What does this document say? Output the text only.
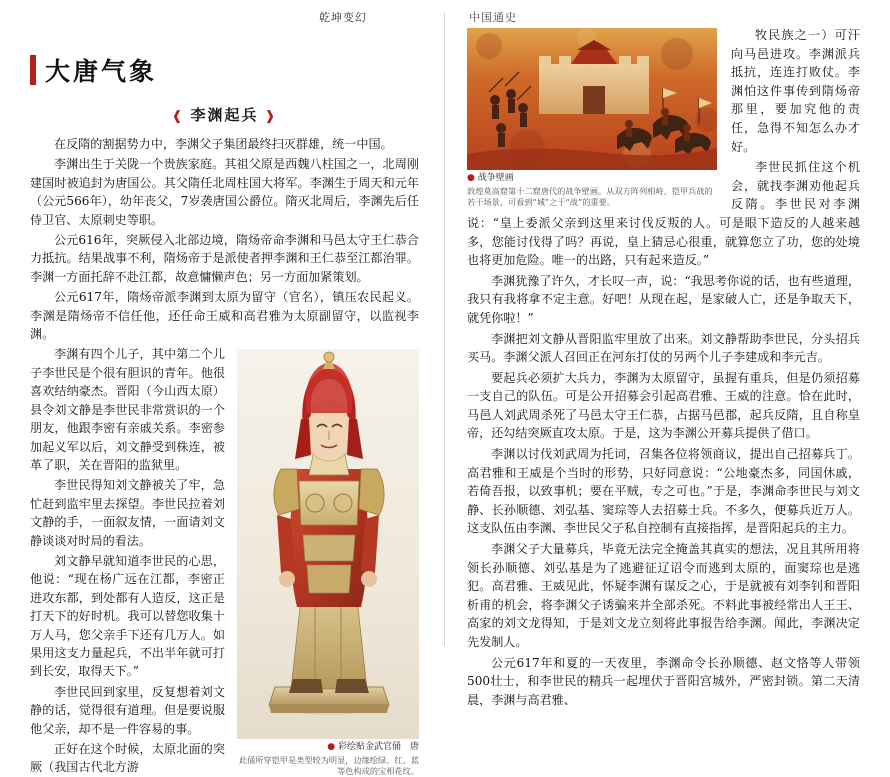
乾坤变幻
大唐气象
❰ 李渊起兵 ❱

在反隋的割据势力中，李渊父子集团最终扫灭群雄，统一中国。

李渊出生于关陇一个贵族家庭。其祖父原是西魏八柱国之一，北周刚建国时被追封为唐国公。其父隋任北周柱国大将军。李渊生于周天和元年（公元566年），幼年丧父，7岁袭唐国公爵位。隋灭北周后，李渊先后任侍卫官、太原刺史等职。

公元616年，突厥侵入北部边境，隋炀帝命李渊和马邑太守王仁恭合力抵抗。结果战事不利，隋炀帝于是派使者押李渊和王仁恭至江都治罪。李渊一方面托辞不赴江都，故意慵懒声色；另一方面加紧策划。

公元617年，隋炀帝派李渊到太原为留守（官名），镇压农民起义。李渊是隋炀帝不信任他，还任命王威和高君雅为太原副留守，以监视李渊。

● 彩绘贴金武官俑　唐
此俑所穿铠甲是类型较为明显，边缘绘绿、红、蓝等色构成的宝相花纹。

李渊有四个儿子，其中第二个儿子李世民是个很有胆识的青年。他很喜欢结纳豪杰。晋阳（今山西太原）县令刘文静是李世民非常赏识的一个朋友，他跟李密有亲戚关系。李密参加起义军以后，刘文静受到株连，被革了职，关在晋阳的监狱里。

李世民得知刘文静被关了牢，急忙赶到监牢里去探望。李世民拉着刘文静的手，一面叙友情，一面请刘文静谈谈对时局的看法。

刘文静早就知道李世民的心思，他说：“现在杨广远在江都，李密正进攻东都，到处都有人造反，这正是打天下的好时机。我可以替您收集十万人马，您父亲手下还有几万人。如果用这支力量起兵，不出半年就可打到长安，取得天下。”

李世民回到家里，反复想着刘文静的话，觉得很有道理。但是要说服他父亲，却不是一件容易的事。

正好在这个时候，太原北面的突厥（我国古代北方游

中国通史
● 战争壁画
敦煌莫高窟第十二窟唐代的战争壁画。从双方阵列相峙、铠甲兵战的若干场景，可看到“城”之于“战”的重要。

牧民族之一）可汗向马邑进攻。李渊派兵抵抗，连连打败仗。李渊怕这件事传到隋炀帝那里，要加究他的责任，急得不知怎么办才好。

李世民抓住这个机会，就找李渊劝他起兵反隋。李世民对李渊说：“皇上委派父亲到这里来讨伐反叛的人。可是眼下造反的人越来越多，您能讨伐得了吗？再说，皇上猜忌心很重，就算您立了功，您的处境也将更加危险。唯一的出路，只有起来造反。”

李渊犹豫了许久，才长叹一声，说：“我思考你说的话，也有些道理，我只有我将拿不定主意。好吧！从现在起，是家破人亡，还是争取天下，就凭你啦！”

李渊把刘文静从晋阳监牢里放了出来。刘文静帮助李世民，分头招兵买马。李渊父派人召回正在河东打仗的另两个儿子李建成和李元吉。

要起兵必须扩大兵力，李渊为太原留守，虽握有重兵，但是仍须招募一支自己的队伍。可是公开招募会引起高君雅、王威的注意。恰在此时，马邑人刘武周杀死了马邑太守王仁恭，占据马邑郡，起兵反隋，且自称皇帝，还勾结突厥直攻太原。于是，这为李渊公开募兵提供了借口。

李渊以讨伐刘武周为托词，召集各位将领商议，提出自己招募兵丁。高君雅和王威是个当时的形势，只好同意说：“公地豪杰多，同国休戚，若倚吾报，以致事机；要在平贼，专之可也。”于是，李渊命李世民与刘文静、长孙顺德、刘弘基、窦琮等人去招募士兵。不多久，便募兵近万人。这支队伍由李渊、李世民父子私自控制有直接指挥，是晋阳起兵的主力。

李渊父子大量募兵，毕竟无法完全掩盖其真实的想法，况且其所用将领长孙顺德、刘弘基是为了逃避征辽诏令而逃到太原的，面窦琮也是逃犯。高君雅、王威见此，怀疑李渊有谋反之心，于是就被有刘李钊和晋阳析甫的机会，将李渊父子诱骗来并全部杀死。不料此事被经常出人王王、高家的刘文龙得知，于是刘文龙立刻将此事报告给李渊。闻此，李渊决定先发制人。

公元617年和夏的一天夜里，李渊命令长孙顺德、赵文恪等人带领500壮士，和李世民的精兵一起埋伏于晋阳宫城外，严密封锁。第二天清晨，李渊与高君雅、
